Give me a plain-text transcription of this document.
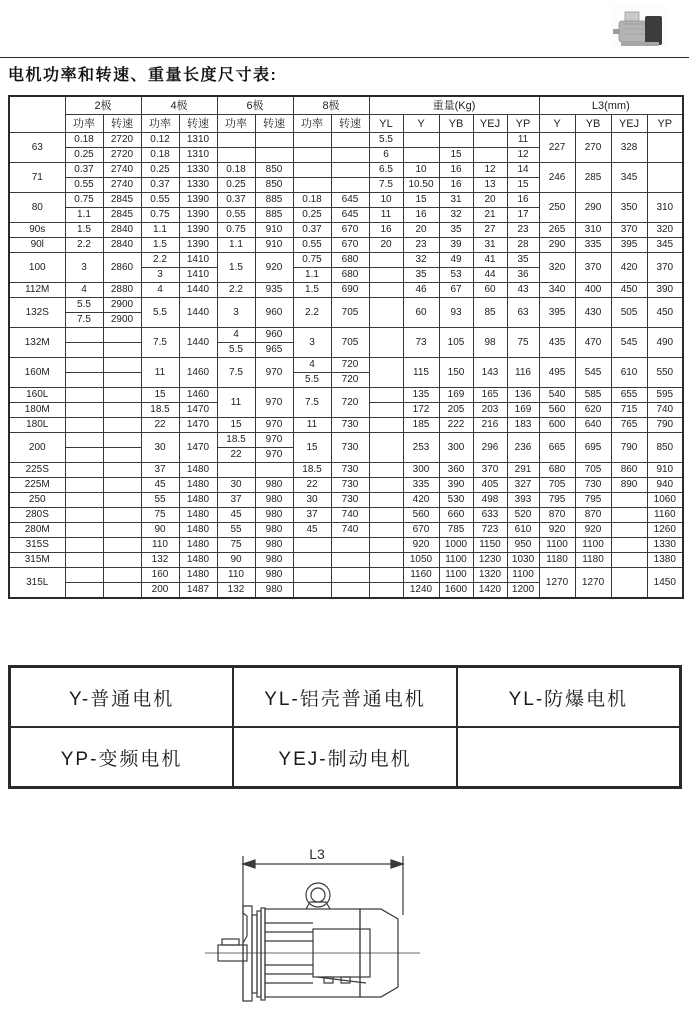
电机功率和转速、重量长度尺寸表:
	2极		4极		6极		8极		重量(Kg)					L3(mm)			
	功率	转速	功率	转速	功率	转速	功率	转速	YL	Y	YB	YEJ	YP	Y	YB	YEJ	YP
63	0.18	2720	0.12	1310					5.5				11	227	270	328	
	0.25	2720	0.18	1310					6		15		12				
71	0.37	2740	0.25	1330	0.18	850			6.5	10	16	12	14	246	285	345	
	0.55	2740	0.37	1330	0.25	850			7.5	10.50	16	13	15				
80	0.75	2845	0.55	1390	0.37	885	0.18	645	10	15	31	20	16	250	290	350	310
	1.1	2845	0.75	1390	0.55	885	0.25	645	11	16	32	21	17				
90s	1.5	2840	1.1	1390	0.75	910	0.37	670	16	20	35	27	23	265	310	370	320
90l	2.2	2840	1.5	1390	1.1	910	0.55	670	20	23	39	31	28	290	335	395	345
100	3	2860	2.2	1410	1.5	920	0.75	680		32	49	41	35	320	370	420	370
			3	1410			1.1	680		35	53	44	36				
112M	4	2880	4	1440	2.2	935	1.5	690		46	67	60	43	340	400	450	390
132S	5.5	2900	5.5	1440	3	960	2.2	705		60	93	85	63	395	430	505	450
	7.5	2900															
132M			7.5	1440	4	960	3	705		73	105	98	75	435	470	545	490
					5.5	965											
160M			11	1460	7.5	970	4	720		115	150	143	116	495	545	610	550
							5.5	720									
160L			15	1460	11	970	7.5	720		135	169	165	136	540	585	655	595
180M			18.5	1470						172	205	203	169	560	620	715	740
180L			22	1470	15	970	11	730		185	222	216	183	600	640	765	790
200			30	1470	18.5	970	15	730		253	300	296	236	665	695	790	850
					22	970											
225S			37	1480			18.5	730		300	360	370	291	680	705	860	910
225M			45	1480	30	980	22	730		335	390	405	327	705	730	890	940
250			55	1480	37	980	30	730		420	530	498	393	795	795		1060
280S			75	1480	45	980	37	740		560	660	633	520	870	870		1160
280M			90	1480	55	980	45	740		670	785	723	610	920	920		1260
315S			110	1480	75	980				920	1000	1150	950	1100	1100		1330
315M			132	1480	90	980				1050	1100	1230	1030	1180	1180		1380
315L			160	1480	110	980				1160	1100	1320	1100	1270	1270		1450
			200	1487	132	980				1240	1600	1420	1200				
Y-普通电机	YL-铝壳普通电机	YL-防爆电机
YP-变频电机	YEJ-制动电机	
L3
